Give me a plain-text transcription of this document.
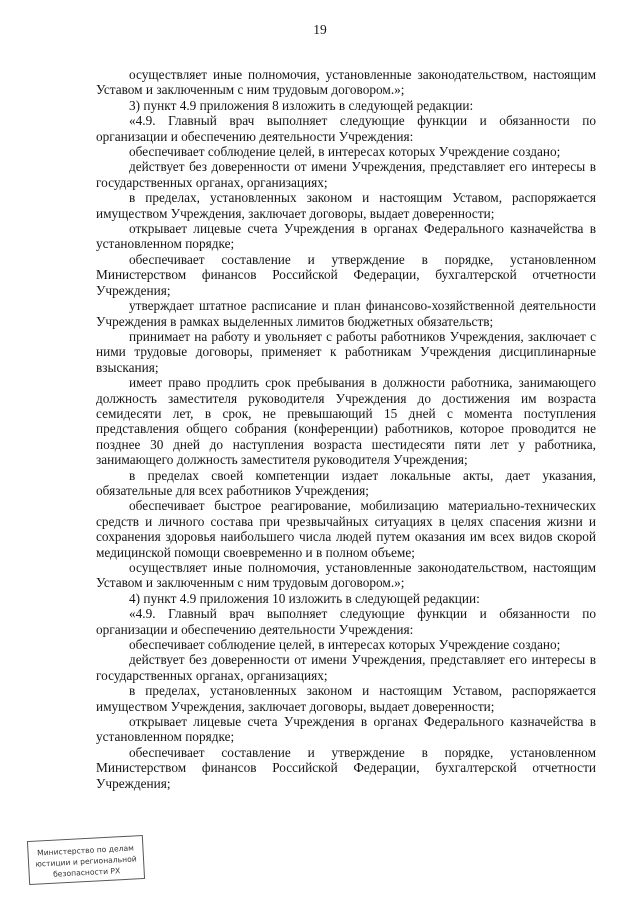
19

осуществляет иные полномочия, установленные законодательством, настоящим Уставом и заключенным с ним трудовым договором.»;

3) пункт 4.9 приложения 8 изложить в следующей редакции:

«4.9. Главный врач выполняет следующие функции и обязанности по организации и обеспечению деятельности Учреждения:

обеспечивает соблюдение целей, в интересах которых Учреждение создано;

действует без доверенности от имени Учреждения, представляет его интересы в государственных органах, организациях;

в пределах, установленных законом и настоящим Уставом, распоряжается имуществом Учреждения, заключает договоры, выдает доверенности;

открывает лицевые счета Учреждения в органах Федерального казначейства в установленном порядке;

обеспечивает составление и утверждение в порядке, установленном Министерством финансов Российской Федерации, бухгалтерской отчетности Учреждения;

утверждает штатное расписание и план финансово-хозяйственной деятельности Учреждения в рамках выделенных лимитов бюджетных обязательств;

принимает на работу и увольняет с работы работников Учреждения, заключает с ними трудовые договоры, применяет к работникам Учреждения дисциплинарные взыскания;

имеет право продлить срок пребывания в должности работника, занимающего должность заместителя руководителя Учреждения до достижения им возраста семидесяти лет, в срок, не превышающий 15 дней с момента поступления представления общего собрания (конференции) работников, которое проводится не позднее 30 дней до наступления возраста шестидесяти пяти лет у работника, занимающего должность заместителя руководителя Учреждения;

в пределах своей компетенции издает локальные акты, дает указания, обязательные для всех работников Учреждения;

обеспечивает быстрое реагирование, мобилизацию материально-технических средств и личного состава при чрезвычайных ситуациях в целях спасения жизни и сохранения здоровья наибольшего числа людей путем оказания им всех видов скорой медицинской помощи своевременно и в полном объеме;

осуществляет иные полномочия, установленные законодательством, настоящим Уставом и заключенным с ним трудовым договором.»;

4) пункт 4.9 приложения 10 изложить в следующей редакции:

«4.9. Главный врач выполняет следующие функции и обязанности по организации и обеспечению деятельности Учреждения:

обеспечивает соблюдение целей, в интересах которых Учреждение создано;

действует без доверенности от имени Учреждения, представляет его интересы в государственных органах, организациях;

в пределах, установленных законом и настоящим Уставом, распоряжается имуществом Учреждения, заключает договоры, выдает доверенности;

открывает лицевые счета Учреждения в органах Федерального казначейства в установленном порядке;

обеспечивает составление и утверждение в порядке, установленном Министерством финансов Российской Федерации, бухгалтерской отчетности Учреждения;

Министерство по делам
юстиции и региональной
безопасности РХ
